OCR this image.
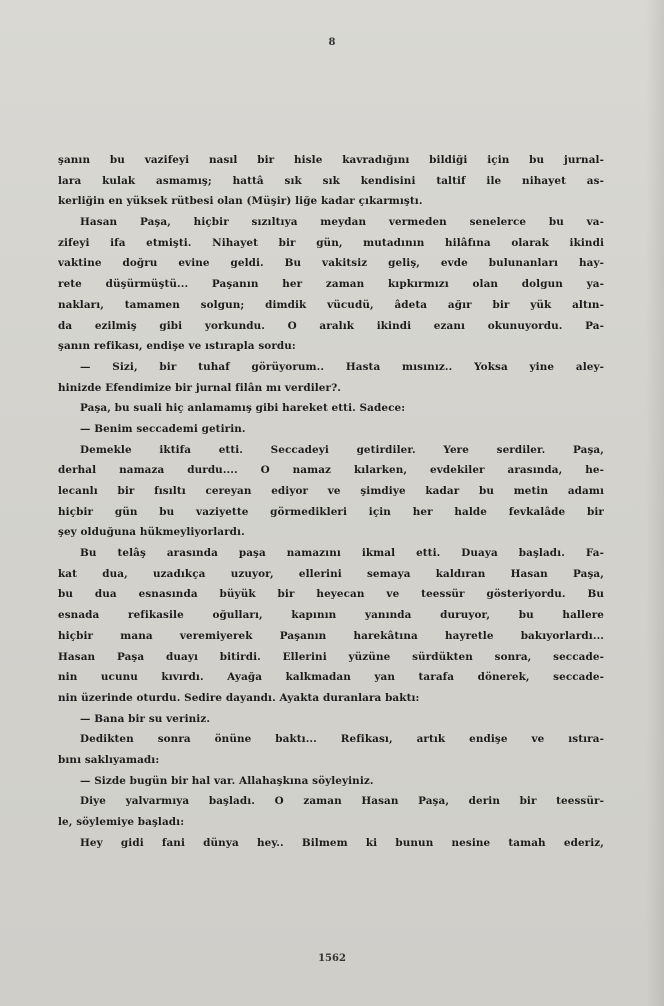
8
şanın bu vazifeyi nasıl bir hisle kavradığını bildiği için bu jurnal-
lara kulak asmamış; hattâ sık sık kendisini taltif ile nihayet as-
kerliğin en yüksek rütbesi olan (Müşir) liğe kadar çıkarmıştı.
Hasan Paşa, hiçbir sızıltıya meydan vermeden senelerce bu va-
zifeyi ifa etmişti. Nihayet bir gün, mutadının hilâfına olarak ikindi
vaktine doğru evine geldi. Bu vakitsiz geliş, evde bulunanları hay-
rete düşürmüştü... Paşanın her zaman kıpkırmızı olan dolgun ya-
nakları, tamamen solgun; dimdik vücudü, âdeta ağır bir yük altın-
da ezilmiş gibi yorkundu. O aralık ikindi ezanı okunuyordu. Pa-
şanın refikası, endişe ve ıstırapla sordu:
— Sizi, bir tuhaf görüyorum.. Hasta mısınız.. Yoksa yine aley-
hinizde Efendimize bir jurnal filân mı verdiler?.
Paşa, bu suali hiç anlamamış gibi hareket etti. Sadece:
— Benim seccademi getirin.
Demekle iktifa etti. Seccadeyi getirdiler. Yere serdiler. Paşa,
derhal namaza durdu.... O namaz kılarken, evdekiler arasında, he-
lecanlı bir fısıltı cereyan ediyor ve şimdiye kadar bu metin adamı
hiçbir gün bu vaziyette görmedikleri için her halde fevkalâde bir
şey olduğuna hükmeyliyorlardı.
Bu telâş arasında paşa namazını ikmal etti. Duaya başladı. Fa-
kat dua, uzadıkça uzuyor, ellerini semaya kaldıran Hasan Paşa,
bu dua esnasında büyük bir heyecan ve teessür gösteriyordu. Bu
esnada refikasile oğulları, kapının yanında duruyor, bu hallere
hiçbir mana veremiyerek Paşanın harekâtına hayretle bakıyorlardı...
Hasan Paşa duayı bitirdi. Ellerini yüzüne sürdükten sonra, seccade-
nin ucunu kıvırdı. Ayağa kalkmadan yan tarafa dönerek, seccade-
nin üzerinde oturdu. Sedire dayandı. Ayakta duranlara baktı:
— Bana bir su veriniz.
Dedikten sonra önüne baktı... Refikası, artık endişe ve ıstıra-
bını saklıyamadı:
— Sizde bugün bir hal var. Allahaşkına söyleyiniz.
Diye yalvarmıya başladı. O zaman Hasan Paşa, derin bir teessür-
le, söylemiye başladı:
Hey gidi fani dünya hey.. Bilmem ki bunun nesine tamah ederiz,
1562
